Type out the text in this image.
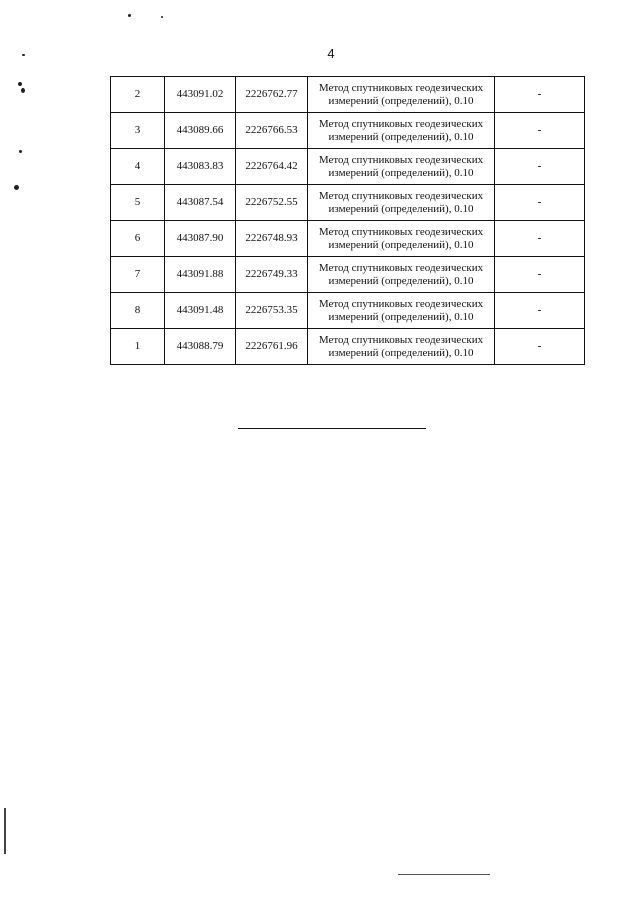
4
2	443091.02	2226762.77	Метод спутниковых геодезических
измерений (определений), 0.10	-
3	443089.66	2226766.53	Метод спутниковых геодезических
измерений (определений), 0.10	-
4	443083.83	2226764.42	Метод спутниковых геодезических
измерений (определений), 0.10	-
5	443087.54	2226752.55	Метод спутниковых геодезических
измерений (определений), 0.10	-
6	443087.90	2226748.93	Метод спутниковых геодезических
измерений (определений), 0.10	-
7	443091.88	2226749.33	Метод спутниковых геодезических
измерений (определений), 0.10	-
8	443091.48	2226753.35	Метод спутниковых геодезических
измерений (определений), 0.10	-
1	443088.79	2226761.96	Метод спутниковых геодезических
измерений (определений), 0.10	-
